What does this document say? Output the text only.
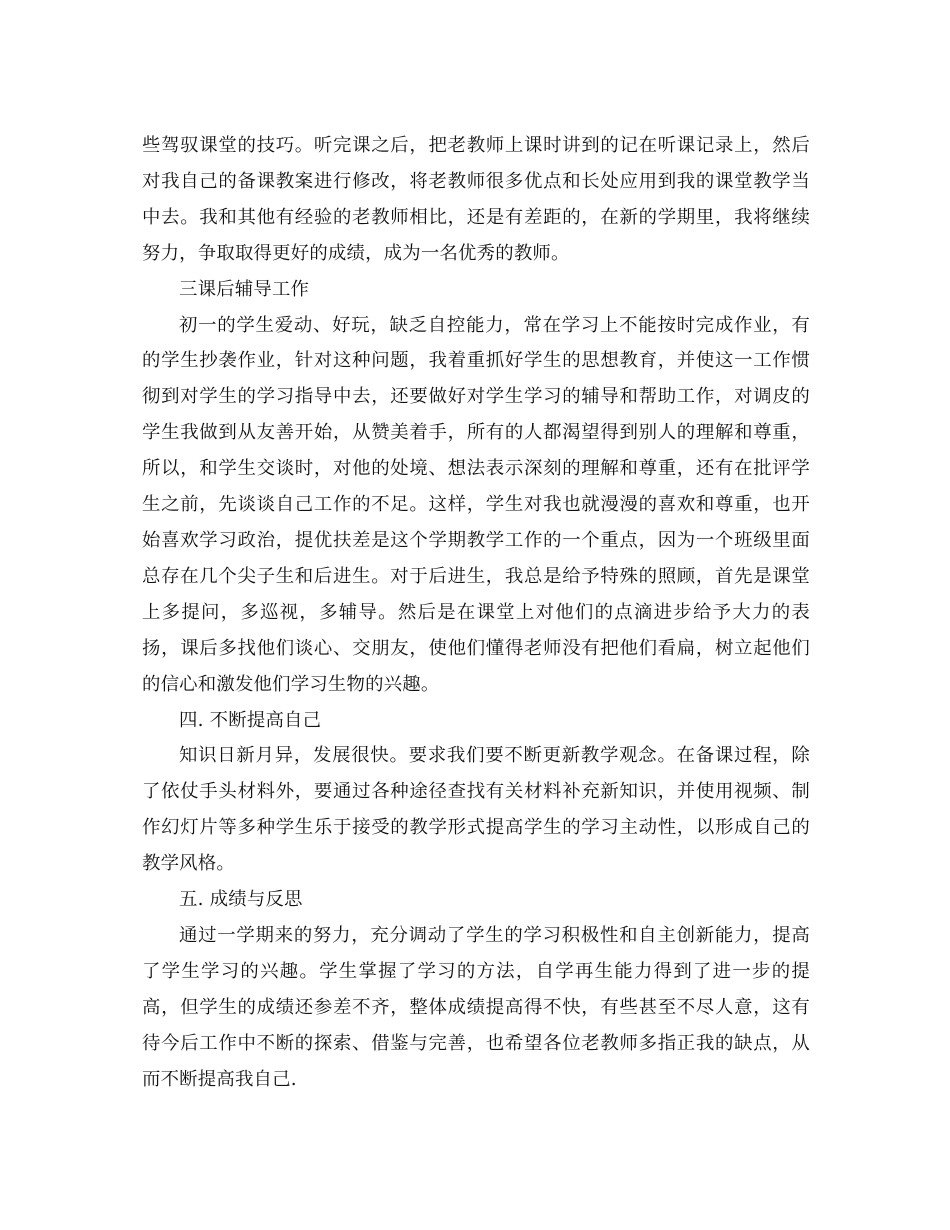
些驾驭课堂的技巧。听完课之后，把老教师上课时讲到的记在听课记录上，然后对我自己的备课教案进行修改，将老教师很多优点和长处应用到我的课堂教学当中去。我和其他有经验的老教师相比，还是有差距的，在新的学期里，我将继续努力，争取取得更好的成绩，成为一名优秀的教师。

三课后辅导工作

初一的学生爱动、好玩，缺乏自控能力，常在学习上不能按时完成作业，有的学生抄袭作业，针对这种问题，我着重抓好学生的思想教育，并使这一工作惯彻到对学生的学习指导中去，还要做好对学生学习的辅导和帮助工作，对调皮的学生我做到从友善开始，从赞美着手，所有的人都渴望得到别人的理解和尊重，所以，和学生交谈时，对他的处境、想法表示深刻的理解和尊重，还有在批评学生之前，先谈谈自己工作的不足。这样，学生对我也就漫漫的喜欢和尊重，也开始喜欢学习政治，提优扶差是这个学期教学工作的一个重点，因为一个班级里面总存在几个尖子生和后进生。对于后进生，我总是给予特殊的照顾，首先是课堂上多提问，多巡视，多辅导。然后是在课堂上对他们的点滴进步给予大力的表扬，课后多找他们谈心、交朋友，使他们懂得老师没有把他们看扁，树立起他们的信心和激发他们学习生物的兴趣。

四. 不断提高自己

知识日新月异，发展很快。要求我们要不断更新教学观念。在备课过程，除了依仗手头材料外，要通过各种途径查找有关材料补充新知识，并使用视频、制作幻灯片等多种学生乐于接受的教学形式提高学生的学习主动性，以形成自己的教学风格。

五. 成绩与反思

通过一学期来的努力，充分调动了学生的学习积极性和自主创新能力，提高了学生学习的兴趣。学生掌握了学习的方法，自学再生能力得到了进一步的提高，但学生的成绩还参差不齐，整体成绩提高得不快，有些甚至不尽人意，这有待今后工作中不断的探索、借鉴与完善，也希望各位老教师多指正我的缺点，从而不断提高我自己.
